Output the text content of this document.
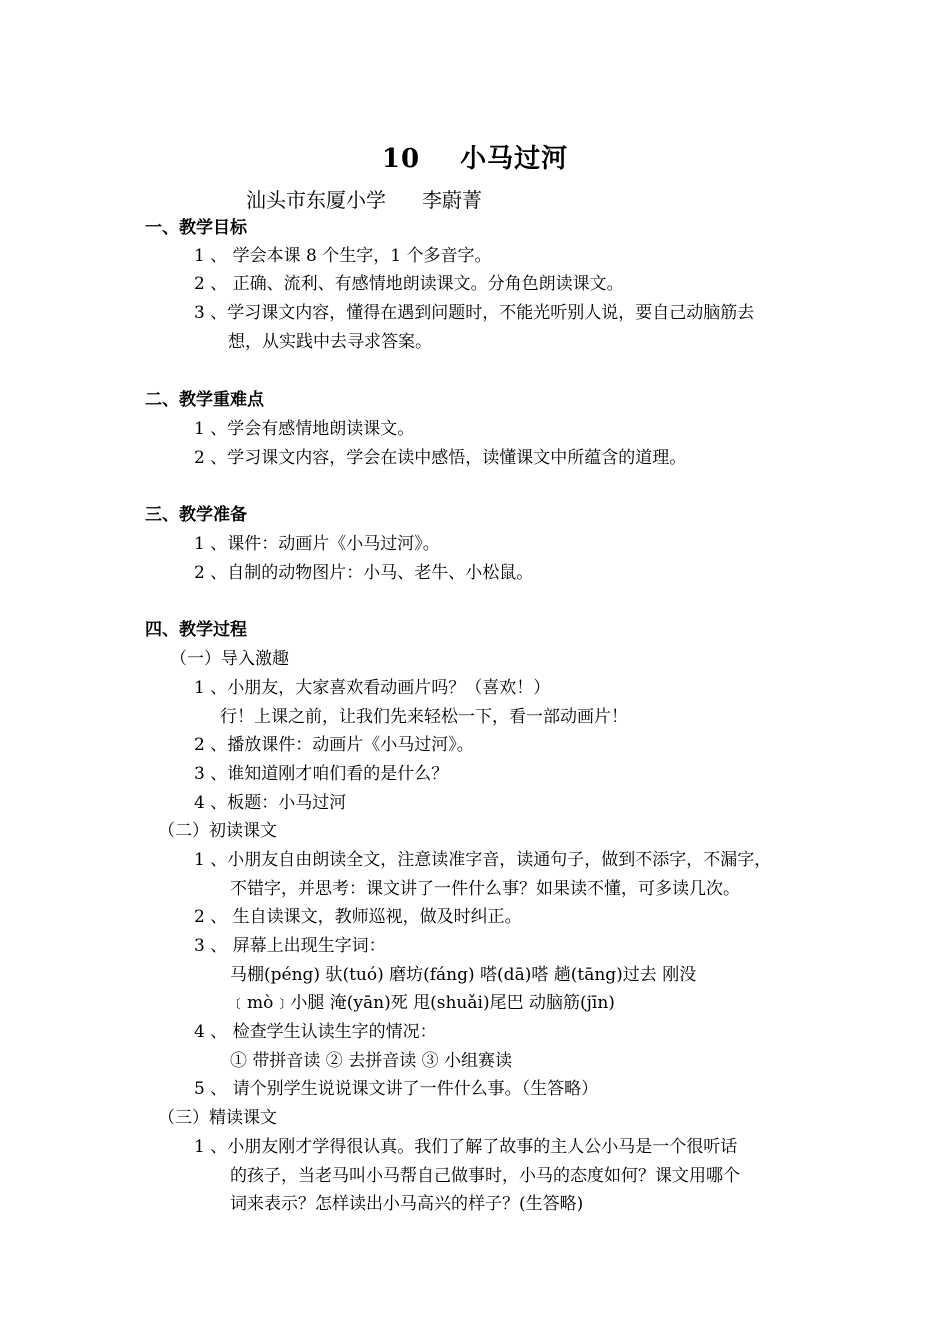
10 小马过河
汕头市东厦小学 李蔚菁
一、教学目标
1 、 学会本课 8 个生字，1 个多音字。
2 、 正确、流利、有感情地朗读课文。分角色朗读课文。
3 、学习课文内容，懂得在遇到问题时，不能光听别人说，要自己动脑筋去
想，从实践中去寻求答案。
二、教学重难点
1 、学会有感情地朗读课文。
2 、学习课文内容，学会在读中感悟，读懂课文中所蕴含的道理。
三、教学准备
1 、课件：动画片《小马过河》。
2 、自制的动物图片：小马、老牛、小松鼠。
四、教学过程
（一）导入激趣
1 、小朋友，大家喜欢看动画片吗？（喜欢！）
行！上课之前，让我们先来轻松一下，看一部动画片！
2 、播放课件：动画片《小马过河》。
3 、谁知道刚才咱们看的是什么？
4 、板题：小马过河
（二）初读课文
1 、小朋友自由朗读全文，注意读准字音，读通句子，做到不添字，不漏字，
不错字，并思考：课文讲了一件什么事？如果读不懂，可多读几次。
2 、 生自读课文，教师巡视，做及时纠正。
3 、 屏幕上出现生字词：
马棚(péng) 驮(tuó) 磨坊(fáng) 嗒(dā)嗒 趟(tāng)过去 刚没
﹝mò﹞小腿 淹(yān)死 甩(shuǎi)尾巴 动脑筋(jīn)
4 、 检查学生认读生字的情况：
① 带拼音读 ② 去拼音读 ③ 小组赛读
5 、 请个别学生说说课文讲了一件什么事。（生答略）
（三）精读课文
1 、小朋友刚才学得很认真。我们了解了故事的主人公小马是一个很听话
的孩子，当老马叫小马帮自己做事时，小马的态度如何？课文用哪个
词来表示？怎样读出小马高兴的样子？(生答略)
